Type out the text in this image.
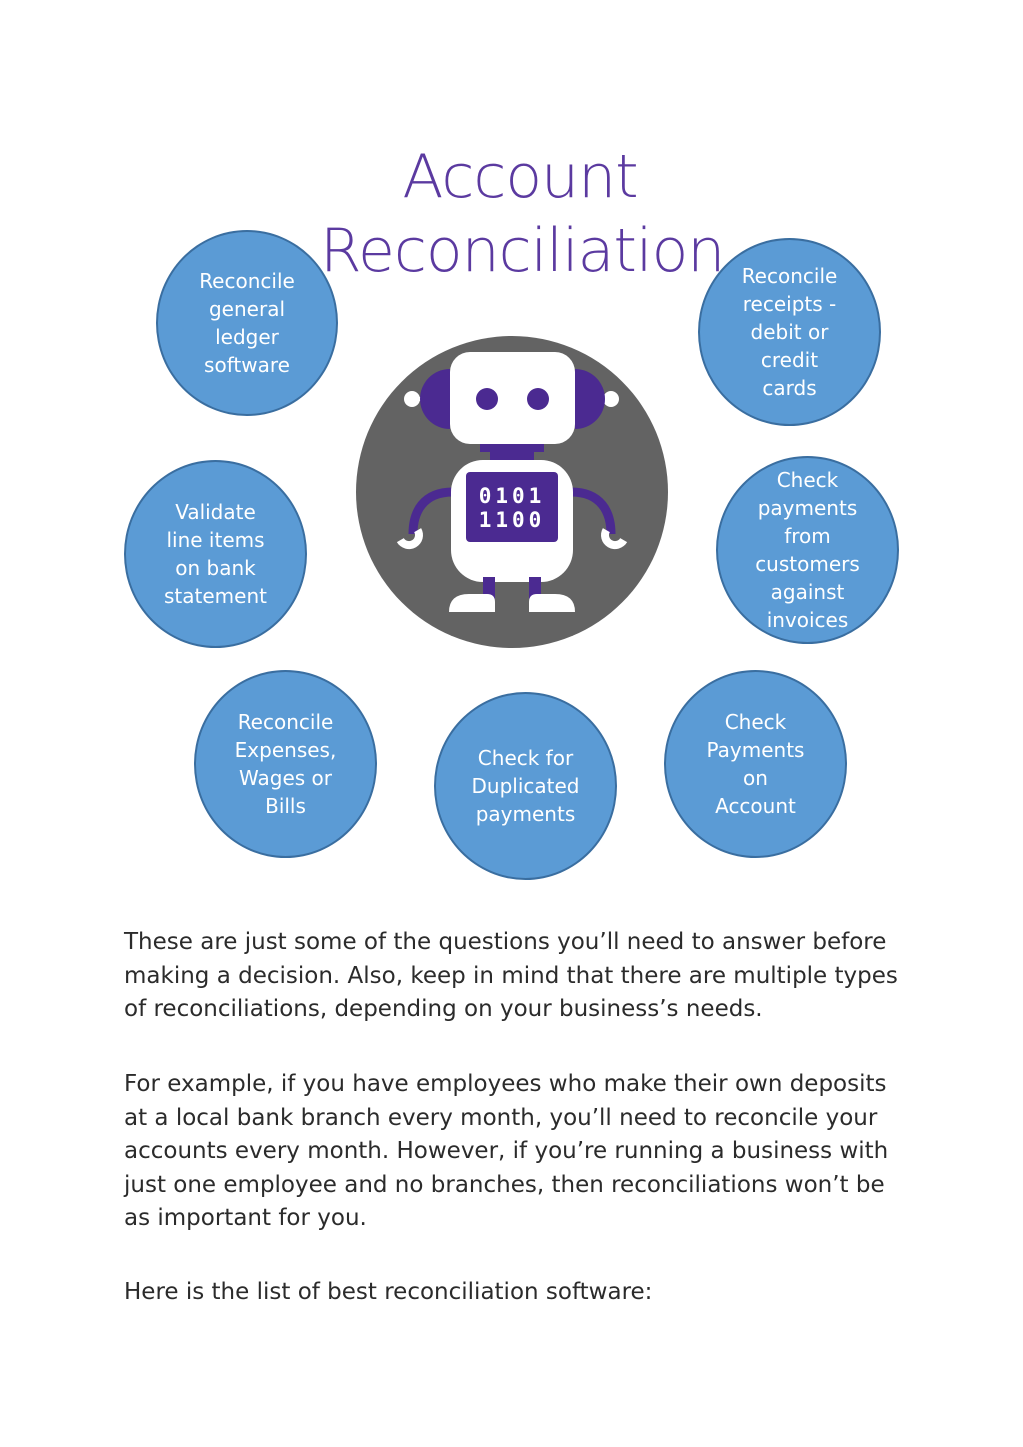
Account
Reconciliation
0101
1100
Reconcile
general
ledger
software
Reconcile
receipts -
debit or
credit
cards
Validate
line items
on bank
statement
Check
payments
from
customers
against
invoices
Reconcile
Expenses,
Wages or
Bills
Check for
Duplicated
payments
Check
Payments
on
Account

These are just some of the questions you’ll need to answer before making a decision. Also, keep in mind that there are multiple types of reconciliations, depending on your business’s needs.

For example, if you have employees who make their own deposits at a local bank branch every month, you’ll need to reconcile your accounts every month. However, if you’re running a business with just one employee and no branches, then reconciliations won’t be as important for you.

Here is the list of best reconciliation software:
